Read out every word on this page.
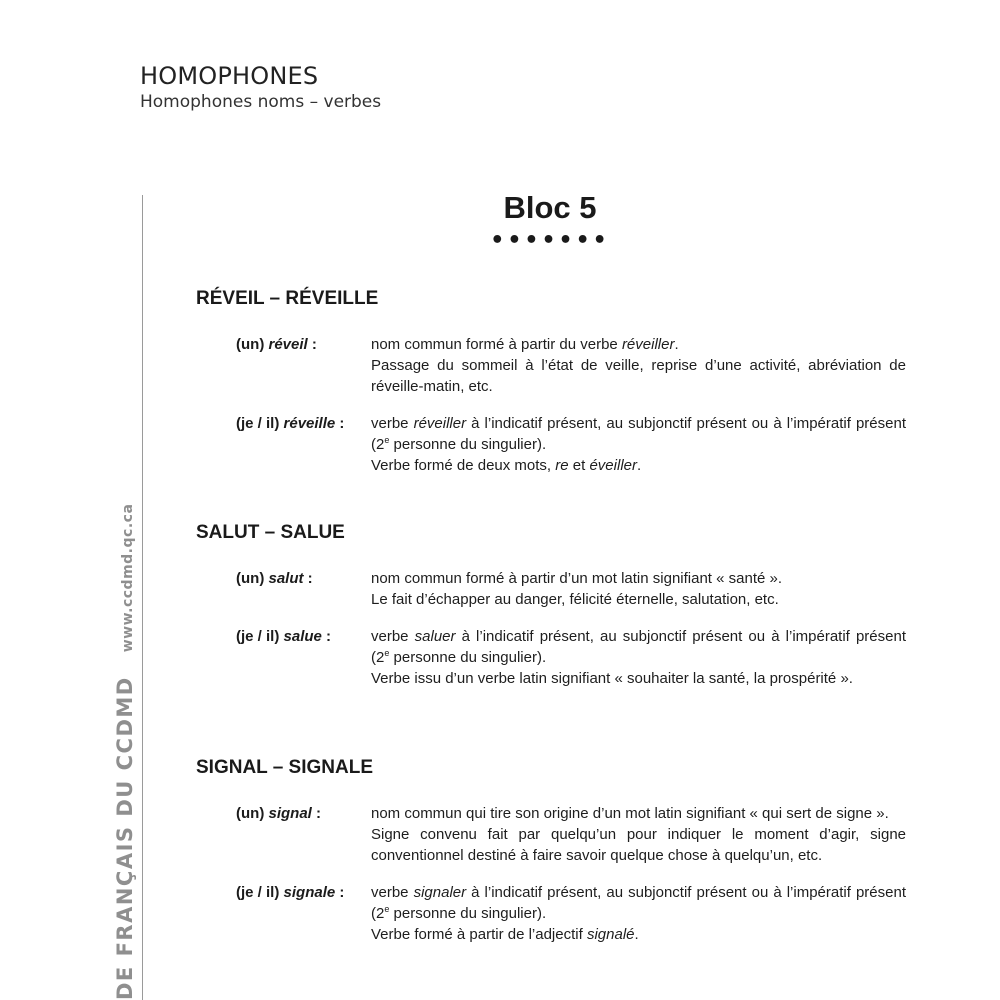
HOMOPHONES
Homophones noms – verbes
DE FRANÇAIS DU CCDMDwww.ccdmd.qc.ca
Bloc 5
•••••••
RÉVEIL – RÉVEILLE
(un) réveil :	nom commun formé à partir du verbe réveiller.

Passage du sommeil à l’état de veille, reprise d’une activité, abréviation de réveille-matin, etc.

(je / il) réveille : verbe réveiller à l’indicatif présent, au subjonctif présent ou à l’impératif présent (2e personne du singulier).

Verbe formé de deux mots, re et éveiller.

SALUT – SALUE
(un) salut :	nom commun formé à partir d’un mot latin signifiant « santé ».

Le fait d’échapper au danger, félicité éternelle, salutation, etc.

(je / il) salue :	verbe saluer à l’indicatif présent, au subjonctif présent ou à l’impératif présent (2e personne du singulier).

Verbe issu d’un verbe latin signifiant « souhaiter la santé, la prospérité ».

SIGNAL – SIGNALE
(un) signal :	nom commun qui tire son origine d’un mot latin signifiant « qui sert de signe ».

Signe convenu fait par quelqu’un pour indiquer le moment d’agir, signe conventionnel destiné à faire savoir quelque chose à quelqu’un, etc.

(je / il) signale : verbe signaler à l’indicatif présent, au subjonctif présent ou à l’impératif présent (2e personne du singulier).

Verbe formé à partir de l’adjectif signalé.
